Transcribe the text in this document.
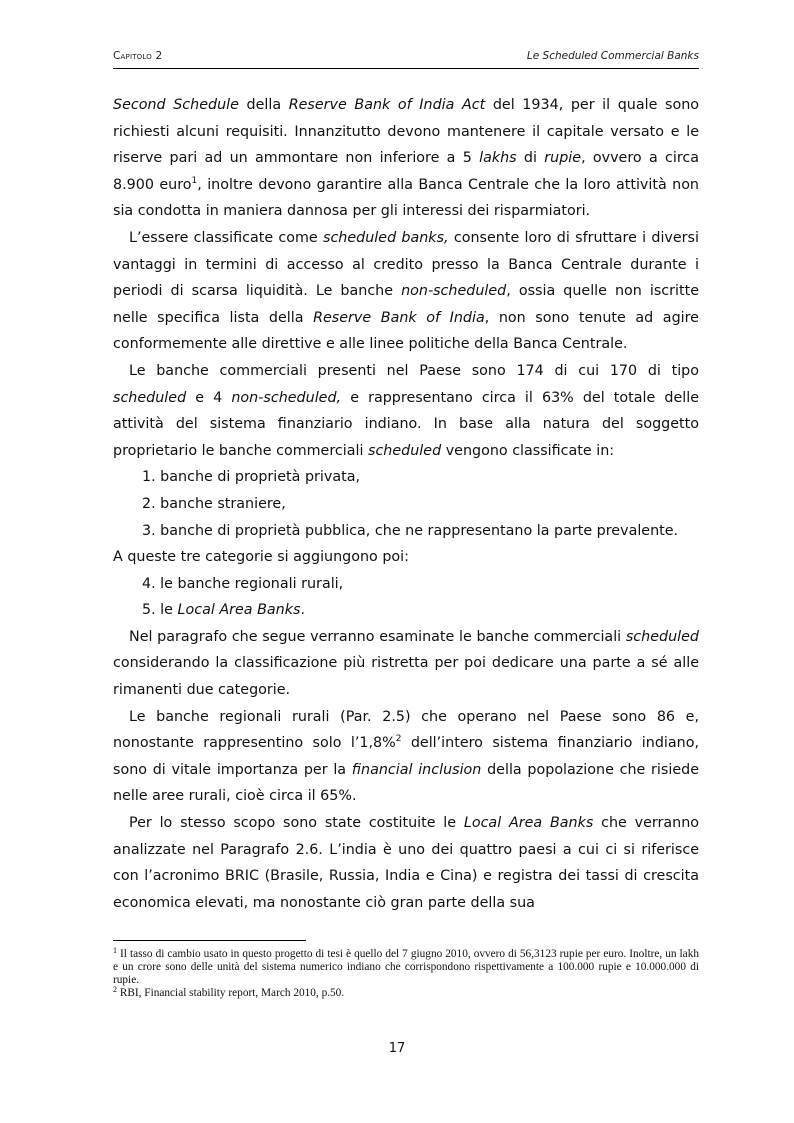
Capitolo 2	Le Scheduled Commercial Banks

Second Schedule della Reserve Bank of India Act del 1934, per il quale sono richiesti alcuni requisiti. Innanzitutto devono mantenere il capitale versato e le riserve pari ad un ammontare non inferiore a 5 lakhs di rupie, ovvero a circa 8.900 euro$^1$, inoltre devono garantire alla Banca Centrale che la loro attività non sia condotta in maniera dannosa per gli interessi dei risparmiatori.

L’essere classificate come scheduled banks, consente loro di sfruttare i diversi vantaggi in termini di accesso al credito presso la Banca Centrale durante i periodi di scarsa liquidità. Le banche non-scheduled, ossia quelle non iscritte nelle specifica lista della Reserve Bank of India, non sono tenute ad agire conformemente alle direttive e alle linee politiche della Banca Centrale.

Le banche commerciali presenti nel Paese sono 174 di cui 170 di tipo scheduled e 4 non-scheduled, e rappresentano circa il 63% del totale delle attività del sistema finanziario indiano. In base alla natura del soggetto proprietario le banche commerciali scheduled vengono classificate in:

1. banche di proprietà privata,
2. banche straniere,
3. banche di proprietà pubblica, che ne rappresentano la parte prevalente.

A queste tre categorie si aggiungono poi:

4. le banche regionali rurali,
5. le Local Area Banks.

Nel paragrafo che segue verranno esaminate le banche commerciali scheduled considerando la classificazione più ristretta per poi dedicare una parte a sé alle rimanenti due categorie.

Le banche regionali rurali (Par. 2.5) che operano nel Paese sono 86 e, nonostante rappresentino solo l’1,8%$^2$ dell’intero sistema finanziario indiano, sono di vitale importanza per la financial inclusion della popolazione che risiede nelle aree rurali, cioè circa il 65%.

Per lo stesso scopo sono state costituite le Local Area Banks che verranno analizzate nel Paragrafo 2.6. L’india è uno dei quattro paesi a cui ci si riferisce con l’acronimo BRIC (Brasile, Russia, India e Cina) e registra dei tassi di crescita economica elevati, ma nonostante ciò gran parte della sua

$^1$ Il tasso di cambio usato in questo progetto di tesi è quello del 7 giugno 2010, ovvero di 56,3123 rupie per euro. Inoltre, un lakh e un crore sono delle unità del sistema numerico indiano che corrispondono rispettivamente a 100.000 rupie e 10.000.000 di rupie.

$^2$ RBI, Financial stability report, March 2010, p.50.

17
